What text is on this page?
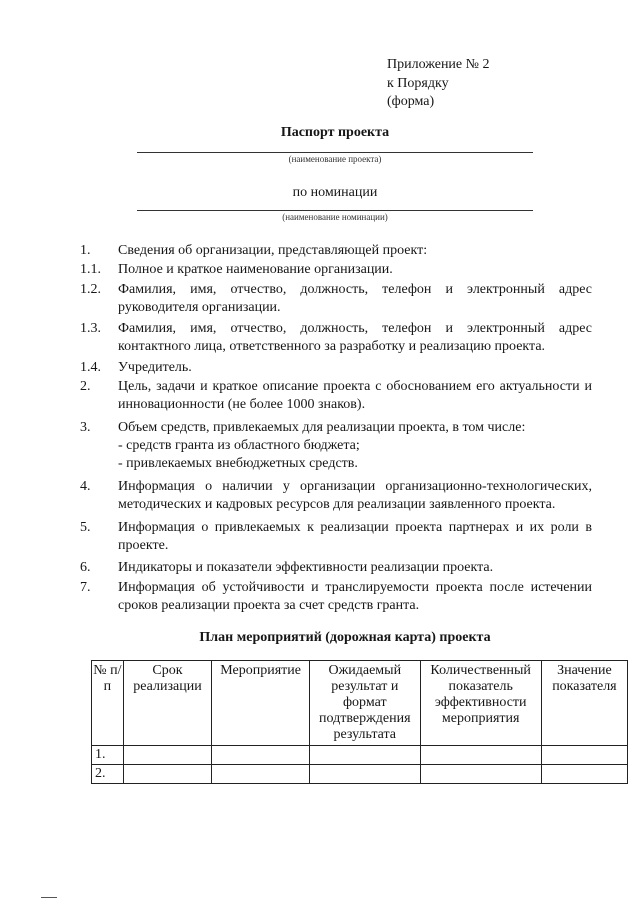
Приложение № 2
к Порядку
(форма)
Паспорт проекта
(наименование проекта)
по номинации
(наименование номинации)
1.	Сведения об организации, представляющей проект:
1.1.	Полное и краткое наименование организации.
1.2.	Фамилия, имя, отчество, должность, телефон и электронный адрес руководителя организации.
1.3.	Фамилия, имя, отчество, должность, телефон и электронный адрес контактного лица, ответственного за разработку и реализацию проекта.
1.4.	Учредитель.
2.	Цель, задачи и краткое описание проекта с обоснованием его актуальности и инновационности (не более 1000 знаков).
3.	Объем средств, привлекаемых для реализации проекта, в том числе:
- средств гранта из областного бюджета;
- привлекаемых внебюджетных средств.
4.	Информация о наличии у организации организационно-технологических, методических и кадровых ресурсов для реализации заявленного проекта.
5.	Информация о привлекаемых к реализации проекта партнерах и их роли в проекте.
6.	Индикаторы и показатели эффективности реализации проекта.
7.	Информация об устойчивости и транслируемости проекта после истечении сроков реализации проекта за счет средств гранта.
План мероприятий (дорожная карта) проекта
№ п/п	Срок реализации	Мероприятие	Ожидаемый результат и формат подтверждения результата	Количественный показатель эффективности мероприятия	Значение показателя
1.					
2.					
